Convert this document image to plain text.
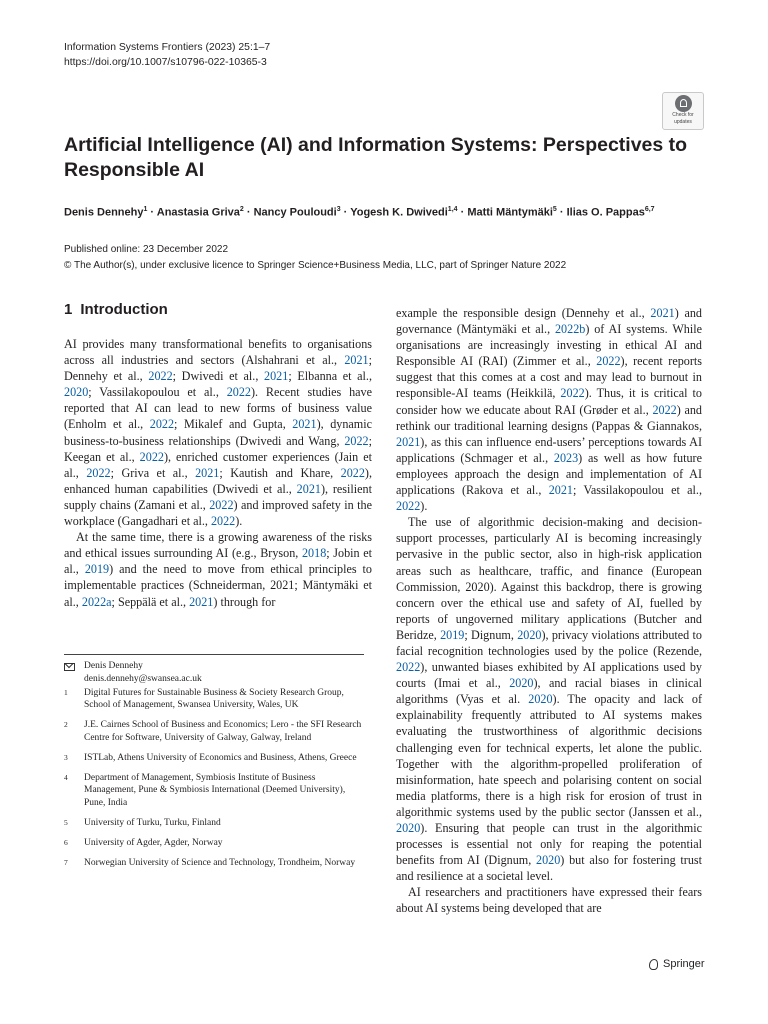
Information Systems Frontiers (2023) 25:1–7
https://doi.org/10.1007/s10796-022-10365-3
Check for
updates
Artificial Intelligence (AI) and Information Systems: Perspectives to Responsible AI
Denis Dennehy$^1$ · Anastasia Griva$^2$ · Nancy Pouloudi$^3$ · Yogesh K. Dwivedi$^{1,4}$ · Matti Mäntymäki$^5$ · Ilias O. Pappas$^{6,7}$
Published online: 23 December 2022
© The Author(s), under exclusive licence to Springer Science+Business Media, LLC, part of Springer Nature 2022
1 Introduction

AI provides many transformational benefits to organisations across all industries and sectors (Alshahrani et al., 2021; Dennehy et al., 2022; Dwivedi et al., 2021; Elbanna et al., 2020; Vassilakopoulou et al., 2022). Recent studies have reported that AI can lead to new forms of business value (Enholm et al., 2022; Mikalef and Gupta, 2021), dynamic business-to-business relationships (Dwivedi and Wang, 2022; Keegan et al., 2022), enriched customer experiences (Jain et al., 2022; Griva et al., 2021; Kautish and Khare, 2022), enhanced human capabilities (Dwivedi et al., 2021), resilient supply chains (Zamani et al., 2022) and improved safety in the workplace (Gangadhari et al., 2022).

At the same time, there is a growing awareness of the risks and ethical issues surrounding AI (e.g., Bryson, 2018; Jobin et al., 2019) and the need to move from ethical principles to implementable practices (Schneiderman, 2021; Mäntymäki et al., 2022a; Seppälä et al., 2021) through for

example the responsible design (Dennehy et al., 2021) and governance (Mäntymäki et al., 2022b) of AI systems. While organisations are increasingly investing in ethical AI and Responsible AI (RAI) (Zimmer et al., 2022), recent reports suggest that this comes at a cost and may lead to burnout in responsible-AI teams (Heikkilä, 2022). Thus, it is critical to consider how we educate about RAI (Grøder et al., 2022) and rethink our traditional learning designs (Pappas & Giannakos, 2021), as this can influence end-users’ perceptions towards AI applications (Schmager et al., 2023) as well as how future employees approach the design and implementation of AI applications (Rakova et al., 2021; Vassilakopoulou et al., 2022).

The use of algorithmic decision-making and decision-support processes, particularly AI is becoming increasingly pervasive in the public sector, also in high-risk application areas such as healthcare, traffic, and finance (European Commission, 2020). Against this backdrop, there is growing concern over the ethical use and safety of AI, fuelled by reports of ungoverned military applications (Butcher and Beridze, 2019; Dignum, 2020), privacy violations attributed to facial recognition technologies used by the police (Rezende, 2022), unwanted biases exhibited by AI applications used by courts (Imai et al., 2020), and racial biases in clinical algorithms (Vyas et al. 2020). The opacity and lack of explainability frequently attributed to AI systems makes evaluating the trustworthiness of algorithmic decisions challenging even for technical experts, let alone the public. Together with the algorithm-propelled proliferation of misinformation, hate speech and polarising content on social media platforms, there is a high risk for erosion of trust in algorithmic systems used by the public sector (Janssen et al., 2020). Ensuring that people can trust in the algorithmic processes is essential not only for reaping the potential benefits from AI (Dignum, 2020) but also for fostering trust and resilience at a societal level.

AI researchers and practitioners have expressed their fears about AI systems being developed that are

Denis Dennehy
denis.dennehy@swansea.ac.uk
1	Digital Futures for Sustainable Business & Society Research Group, School of Management, Swansea University, Wales, UK
2	J.E. Cairnes School of Business and Economics; Lero - the SFI Research Centre for Software, University of Galway, Galway, Ireland
3	ISTLab, Athens University of Economics and Business, Athens, Greece
4	Department of Management, Symbiosis Institute of Business Management, Pune & Symbiosis International (Deemed University), Pune, India
5	University of Turku, Turku, Finland
6	University of Agder, Agder, Norway
7	Norwegian University of Science and Technology, Trondheim, Norway
Springer
